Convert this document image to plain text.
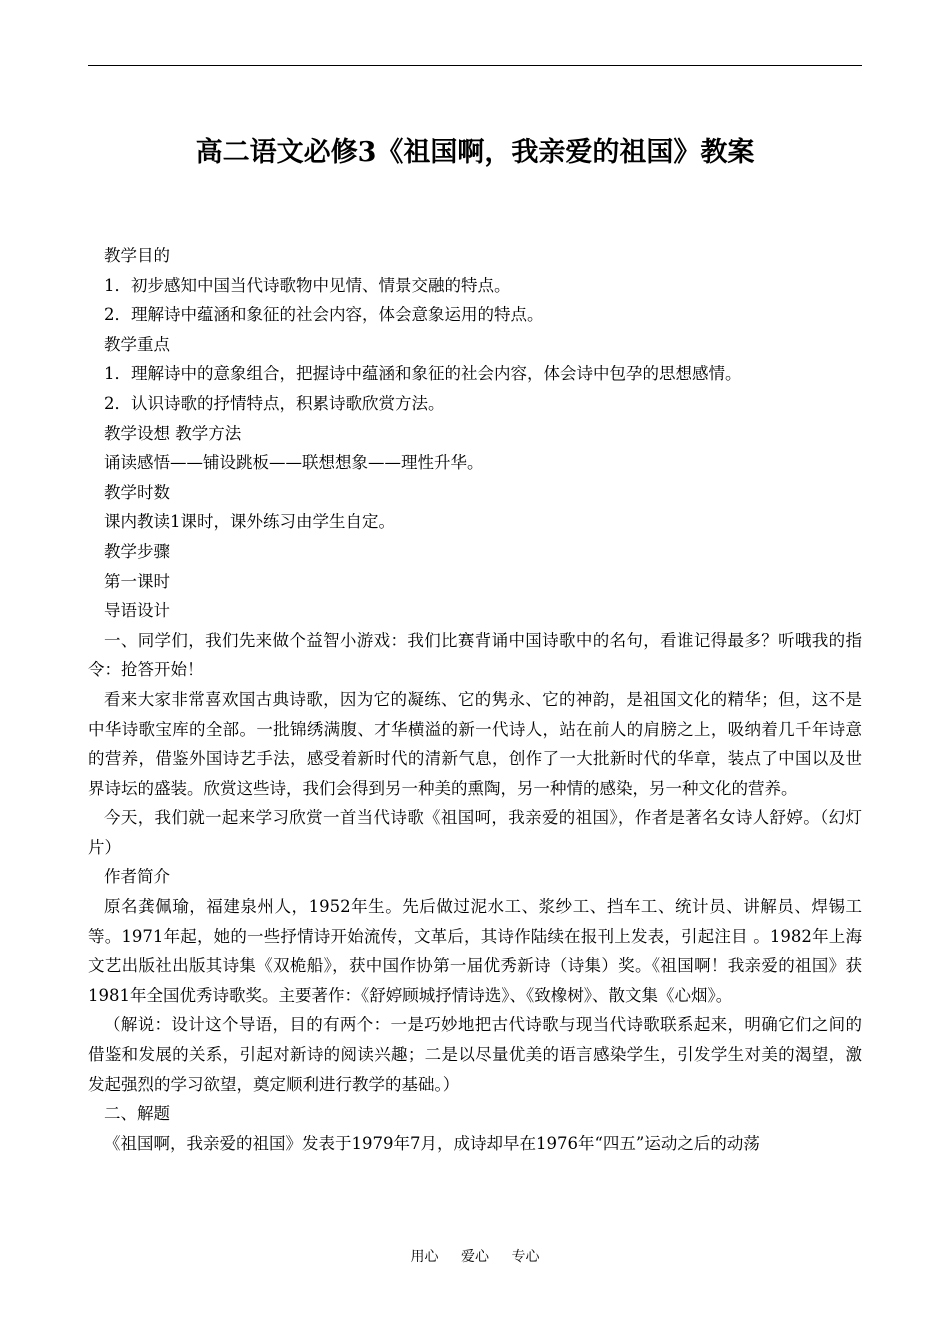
高二语文必修3《祖国啊，我亲爱的祖国》教案

教学目的

1．初步感知中国当代诗歌物中见情、情景交融的特点。

2．理解诗中蕴涵和象征的社会内容，体会意象运用的特点。

教学重点

1．理解诗中的意象组合，把握诗中蕴涵和象征的社会内容，体会诗中包孕的思想感情。

2．认识诗歌的抒情特点，积累诗歌欣赏方法。

教学设想 教学方法

诵读感悟——铺设跳板——联想想象——理性升华。

教学时数

课内教读1课时，课外练习由学生自定。

教学步骤

第一课时

导语设计

一、同学们，我们先来做个益智小游戏：我们比赛背诵中国诗歌中的名句，看谁记得最多？听哦我的指令：抢答开始！

看来大家非常喜欢国古典诗歌，因为它的凝练、它的隽永、它的神韵，是祖国文化的精华；但，这不是中华诗歌宝库的全部。一批锦绣满腹、才华横溢的新一代诗人，站在前人的肩膀之上，吸纳着几千年诗意的营养，借鉴外国诗艺手法，感受着新时代的清新气息，创作了一大批新时代的华章，装点了中国以及世界诗坛的盛装。欣赏这些诗，我们会得到另一种美的熏陶，另一种情的感染，另一种文化的营养。

今天，我们就一起来学习欣赏一首当代诗歌《祖国呵，我亲爱的祖国》，作者是著名女诗人舒婷。（幻灯片）

作者简介

原名龚佩瑜，福建泉州人，1952年生。先后做过泥水工、浆纱工、挡车工、统计员、讲解员、焊锡工等。1971年起，她的一些抒情诗开始流传，文革后，其诗作陆续在报刊上发表，引起注目 。1982年上海文艺出版社出版其诗集《双桅船》，获中国作协第一届优秀新诗（诗集）奖。《祖国啊！我亲爱的祖国》获1981年全国优秀诗歌奖。主要著作：《舒婷顾城抒情诗选》、《致橡树》、散文集《心烟》。

（解说：设计这个导语，目的有两个：一是巧妙地把古代诗歌与现当代诗歌联系起来，明确它们之间的借鉴和发展的关系，引起对新诗的阅读兴趣；二是以尽量优美的语言感染学生，引发学生对美的渴望，激发起强烈的学习欲望，奠定顺利进行教学的基础。）

二、解题

《祖国啊，我亲爱的祖国》发表于1979年7月，成诗却早在1976年“四五”运动之后的动荡

用心 爱心 专心
